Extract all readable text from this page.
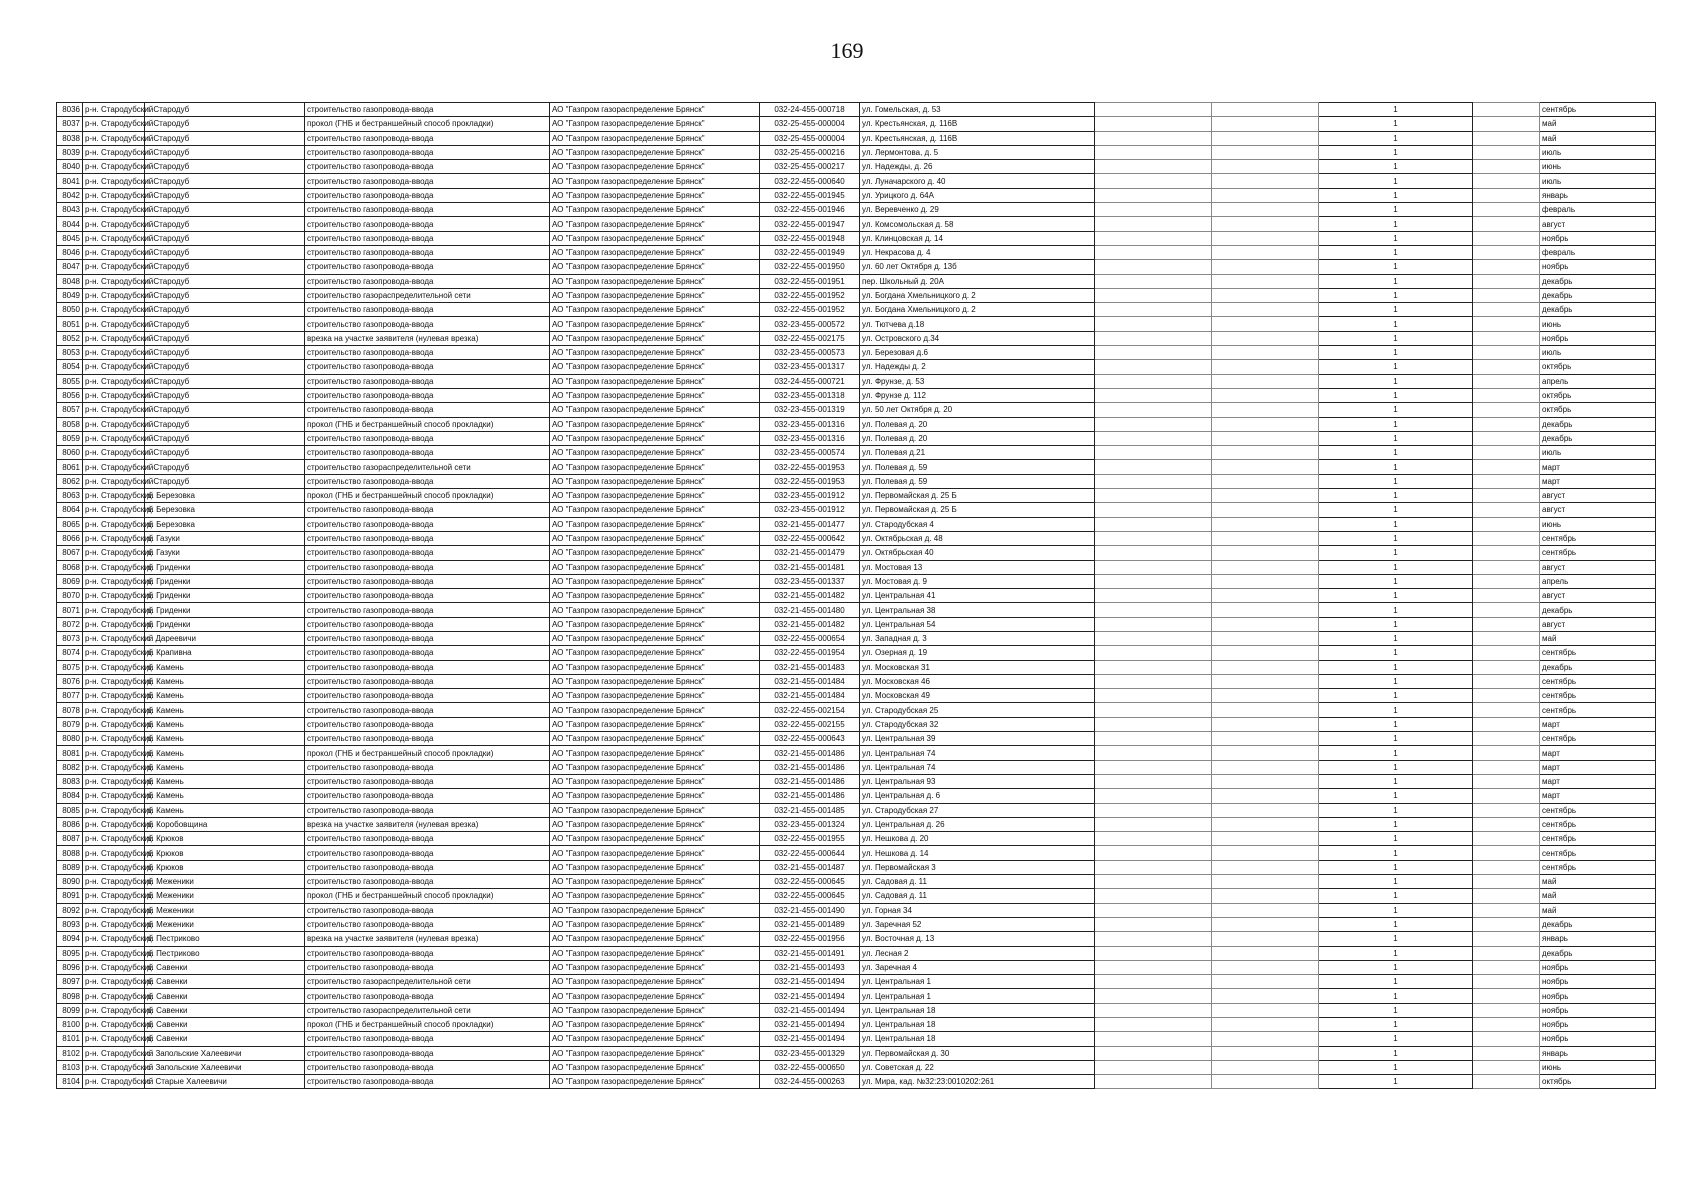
169
8036	р-н. Стародубский	г. Стародуб	строительство газопровода-ввода	АО "Газпром газораспределение Брянск"	032-24-455-000718	ул. Гомельская, д. 53			1		сентябрь	
8037	р-н. Стародубский	г. Стародуб	прокол (ГНБ и бестраншейный способ прокладки)	АО "Газпром газораспределение Брянск"	032-25-455-000004	ул. Крестьянская, д. 116В			1		май	
8038	р-н. Стародубский	г. Стародуб	строительство газопровода-ввода	АО "Газпром газораспределение Брянск"	032-25-455-000004	ул. Крестьянская, д. 116В			1		май	
8039	р-н. Стародубский	г. Стародуб	строительство газопровода-ввода	АО "Газпром газораспределение Брянск"	032-25-455-000216	ул. Лермонтова, д. 5			1		июль	
8040	р-н. Стародубский	г. Стародуб	строительство газопровода-ввода	АО "Газпром газораспределение Брянск"	032-25-455-000217	ул. Надежды, д. 26			1		июнь	
8041	р-н. Стародубский	г. Стародуб	строительство газопровода-ввода	АО "Газпром газораспределение Брянск"	032-22-455-000640	ул. Луначарского д. 40			1		июль	
8042	р-н. Стародубский	г. Стародуб	строительство газопровода-ввода	АО "Газпром газораспределение Брянск"	032-22-455-001945	ул. Урицкого д. 64А			1		январь	
8043	р-н. Стародубский	г. Стародуб	строительство газопровода-ввода	АО "Газпром газораспределение Брянск"	032-22-455-001946	ул. Веревченко д. 29			1		февраль	
8044	р-н. Стародубский	г. Стародуб	строительство газопровода-ввода	АО "Газпром газораспределение Брянск"	032-22-455-001947	ул. Комсомольская д. 58			1		август	
8045	р-н. Стародубский	г. Стародуб	строительство газопровода-ввода	АО "Газпром газораспределение Брянск"	032-22-455-001948	ул. Клинцовская д. 14			1		ноябрь	
8046	р-н. Стародубский	г. Стародуб	строительство газопровода-ввода	АО "Газпром газораспределение Брянск"	032-22-455-001949	ул. Некрасова д. 4			1		февраль	
8047	р-н. Стародубский	г. Стародуб	строительство газопровода-ввода	АО "Газпром газораспределение Брянск"	032-22-455-001950	ул. 60 лет Октября д. 13б			1		ноябрь	
8048	р-н. Стародубский	г. Стародуб	строительство газопровода-ввода	АО "Газпром газораспределение Брянск"	032-22-455-001951	пер. Школьный д. 20А			1		декабрь	
8049	р-н. Стародубский	г. Стародуб	строительство газораспределительной сети	АО "Газпром газораспределение Брянск"	032-22-455-001952	ул. Богдана Хмельницкого д. 2			1		декабрь	
8050	р-н. Стародубский	г. Стародуб	строительство газопровода-ввода	АО "Газпром газораспределение Брянск"	032-22-455-001952	ул. Богдана Хмельницкого д. 2			1		декабрь	
8051	р-н. Стародубский	г. Стародуб	строительство газопровода-ввода	АО "Газпром газораспределение Брянск"	032-23-455-000572	ул. Тютчева д.18			1		июнь	
8052	р-н. Стародубский	г. Стародуб	врезка на участке заявителя (нулевая врезка)	АО "Газпром газораспределение Брянск"	032-22-455-002175	ул. Островского д.34			1		ноябрь	
8053	р-н. Стародубский	г. Стародуб	строительство газопровода-ввода	АО "Газпром газораспределение Брянск"	032-23-455-000573	ул. Березовая д.6			1		июль	
8054	р-н. Стародубский	г. Стародуб	строительство газопровода-ввода	АО "Газпром газораспределение Брянск"	032-23-455-001317	ул. Надежды д. 2			1		октябрь	
8055	р-н. Стародубский	г. Стародуб	строительство газопровода-ввода	АО "Газпром газораспределение Брянск"	032-24-455-000721	ул. Фрунзе, д. 53			1		апрель	
8056	р-н. Стародубский	г. Стародуб	строительство газопровода-ввода	АО "Газпром газораспределение Брянск"	032-23-455-001318	ул. Фрунзе д. 112			1		октябрь	
8057	р-н. Стародубский	г. Стародуб	строительство газопровода-ввода	АО "Газпром газораспределение Брянск"	032-23-455-001319	ул. 50 лет Октября д. 20			1		октябрь	
8058	р-н. Стародубский	г. Стародуб	прокол (ГНБ и бестраншейный способ прокладки)	АО "Газпром газораспределение Брянск"	032-23-455-001316	ул. Полевая д. 20			1		декабрь	
8059	р-н. Стародубский	г. Стародуб	строительство газопровода-ввода	АО "Газпром газораспределение Брянск"	032-23-455-001316	ул. Полевая д. 20			1		декабрь	
8060	р-н. Стародубский	г. Стародуб	строительство газопровода-ввода	АО "Газпром газораспределение Брянск"	032-23-455-000574	ул. Полевая д.21			1		июль	
8061	р-н. Стародубский	г. Стародуб	строительство газораспределительной сети	АО "Газпром газораспределение Брянск"	032-22-455-001953	ул. Полевая д. 59			1		март	
8062	р-н. Стародубский	г. Стародуб	строительство газопровода-ввода	АО "Газпром газораспределение Брянск"	032-22-455-001953	ул. Полевая д. 59			1		март	
8063	р-н. Стародубский	д. Березовка	прокол (ГНБ и бестраншейный способ прокладки)	АО "Газпром газораспределение Брянск"	032-23-455-001912	ул. Первомайская д. 25 Б			1		август	
8064	р-н. Стародубский	д. Березовка	строительство газопровода-ввода	АО "Газпром газораспределение Брянск"	032-23-455-001912	ул. Первомайская д. 25 Б			1		август	
8065	р-н. Стародубский	д. Березовка	строительство газопровода-ввода	АО "Газпром газораспределение Брянск"	032-21-455-001477	ул. Стародубская 4			1		июнь	
8066	р-н. Стародубский	д. Газуки	строительство газопровода-ввода	АО "Газпром газораспределение Брянск"	032-22-455-000642	ул. Октябрьская д. 48			1		сентябрь	
8067	р-н. Стародубский	д. Газуки	строительство газопровода-ввода	АО "Газпром газораспределение Брянск"	032-21-455-001479	ул. Октябрьская 40			1		сентябрь	
8068	р-н. Стародубский	д. Гриденки	строительство газопровода-ввода	АО "Газпром газораспределение Брянск"	032-21-455-001481	ул. Мостовая 13			1		август	
8069	р-н. Стародубский	д. Гриденки	строительство газопровода-ввода	АО "Газпром газораспределение Брянск"	032-23-455-001337	ул. Мостовая д. 9			1		апрель	
8070	р-н. Стародубский	д. Гриденки	строительство газопровода-ввода	АО "Газпром газораспределение Брянск"	032-21-455-001482	ул. Центральная 41			1		август	
8071	р-н. Стародубский	д. Гриденки	строительство газопровода-ввода	АО "Газпром газораспределение Брянск"	032-21-455-001480	ул. Центральная 38			1		декабрь	
8072	р-н. Стародубский	д. Гриденки	строительство газопровода-ввода	АО "Газпром газораспределение Брянск"	032-21-455-001482	ул. Центральная 54			1		август	
8073	р-н. Стародубский	с. Дареевичи	строительство газопровода-ввода	АО "Газпром газораспределение Брянск"	032-22-455-000654	ул. Западная д. 3			1		май	
8074	р-н. Стародубский	д. Крапивна	строительство газопровода-ввода	АО "Газпром газораспределение Брянск"	032-22-455-001954	ул. Озерная д. 19			1		сентябрь	
8075	р-н. Стародубский	д. Камень	строительство газопровода-ввода	АО "Газпром газораспределение Брянск"	032-21-455-001483	ул. Московская 31			1		декабрь	
8076	р-н. Стародубский	д. Камень	строительство газопровода-ввода	АО "Газпром газораспределение Брянск"	032-21-455-001484	ул. Московская 46			1		сентябрь	
8077	р-н. Стародубский	д. Камень	строительство газопровода-ввода	АО "Газпром газораспределение Брянск"	032-21-455-001484	ул. Московская 49			1		сентябрь	
8078	р-н. Стародубский	д. Камень	строительство газопровода-ввода	АО "Газпром газораспределение Брянск"	032-22-455-002154	ул. Стародубская 25			1		сентябрь	
8079	р-н. Стародубский	д. Камень	строительство газопровода-ввода	АО "Газпром газораспределение Брянск"	032-22-455-002155	ул. Стародубская 32			1		март	
8080	р-н. Стародубский	д. Камень	строительство газопровода-ввода	АО "Газпром газораспределение Брянск"	032-22-455-000643	ул. Центральная 39			1		сентябрь	
8081	р-н. Стародубский	д. Камень	прокол (ГНБ и бестраншейный способ прокладки)	АО "Газпром газораспределение Брянск"	032-21-455-001486	ул. Центральная 74			1		март	
8082	р-н. Стародубский	д. Камень	строительство газопровода-ввода	АО "Газпром газораспределение Брянск"	032-21-455-001486	ул. Центральная 74			1		март	
8083	р-н. Стародубский	д. Камень	строительство газопровода-ввода	АО "Газпром газораспределение Брянск"	032-21-455-001486	ул. Центральная 93			1		март	
8084	р-н. Стародубский	д. Камень	строительство газопровода-ввода	АО "Газпром газораспределение Брянск"	032-21-455-001486	ул. Центральная д. 6			1		март	
8085	р-н. Стародубский	д. Камень	строительство газопровода-ввода	АО "Газпром газораспределение Брянск"	032-21-455-001485	ул. Стародубская 27			1		сентябрь	
8086	р-н. Стародубский	д. Коробовщина	врезка на участке заявителя (нулевая врезка)	АО "Газпром газораспределение Брянск"	032-23-455-001324	ул. Центральная д. 26			1		сентябрь	
8087	р-н. Стародубский	д. Крюков	строительство газопровода-ввода	АО "Газпром газораспределение Брянск"	032-22-455-001955	ул. Нешкова д. 20			1		сентябрь	
8088	р-н. Стародубский	д. Крюков	строительство газопровода-ввода	АО "Газпром газораспределение Брянск"	032-22-455-000644	ул. Нешкова д. 14			1		сентябрь	
8089	р-н. Стародубский	д. Крюков	строительство газопровода-ввода	АО "Газпром газораспределение Брянск"	032-21-455-001487	ул. Первомайская 3			1		сентябрь	
8090	р-н. Стародубский	д. Меженики	строительство газопровода-ввода	АО "Газпром газораспределение Брянск"	032-22-455-000645	ул. Садовая д. 11			1		май	
8091	р-н. Стародубский	д. Меженики	прокол (ГНБ и бестраншейный способ прокладки)	АО "Газпром газораспределение Брянск"	032-22-455-000645	ул. Садовая д. 11			1		май	
8092	р-н. Стародубский	д. Меженики	строительство газопровода-ввода	АО "Газпром газораспределение Брянск"	032-21-455-001490	ул. Горная 34			1		май	
8093	р-н. Стародубский	д. Меженики	строительство газопровода-ввода	АО "Газпром газораспределение Брянск"	032-21-455-001489	ул. Заречная 52			1		декабрь	
8094	р-н. Стародубский	д. Пестриково	врезка на участке заявителя (нулевая врезка)	АО "Газпром газораспределение Брянск"	032-22-455-001956	ул. Восточная д. 13			1		январь	
8095	р-н. Стародубский	д. Пестриково	строительство газопровода-ввода	АО "Газпром газораспределение Брянск"	032-21-455-001491	ул. Лесная 2			1		декабрь	
8096	р-н. Стародубский	д. Савенки	строительство газопровода-ввода	АО "Газпром газораспределение Брянск"	032-21-455-001493	ул. Заречная 4			1		ноябрь	
8097	р-н. Стародубский	д. Савенки	строительство газораспределительной сети	АО "Газпром газораспределение Брянск"	032-21-455-001494	ул. Центральная 1			1		ноябрь	
8098	р-н. Стародубский	д. Савенки	строительство газопровода-ввода	АО "Газпром газораспределение Брянск"	032-21-455-001494	ул. Центральная 1			1		ноябрь	
8099	р-н. Стародубский	д. Савенки	строительство газораспределительной сети	АО "Газпром газораспределение Брянск"	032-21-455-001494	ул. Центральная 18			1		ноябрь	
8100	р-н. Стародубский	д. Савенки	прокол (ГНБ и бестраншейный способ прокладки)	АО "Газпром газораспределение Брянск"	032-21-455-001494	ул. Центральная 18			1		ноябрь	
8101	р-н. Стародубский	д. Савенки	строительство газопровода-ввода	АО "Газпром газораспределение Брянск"	032-21-455-001494	ул. Центральная 18			1		ноябрь	
8102	р-н. Стародубский	с. Запольские Халеевичи	строительство газопровода-ввода	АО "Газпром газораспределение Брянск"	032-23-455-001329	ул. Первомайская д. 30			1		январь	
8103	р-н. Стародубский	с. Запольские Халеевичи	строительство газопровода-ввода	АО "Газпром газораспределение Брянск"	032-22-455-000650	ул. Советская д. 22			1		июнь	
8104	р-н. Стародубский	с. Старые Халеевичи	строительство газопровода-ввода	АО "Газпром газораспределение Брянск"	032-24-455-000263	ул. Мира, кад. №32:23:0010202:261			1		октябрь	
